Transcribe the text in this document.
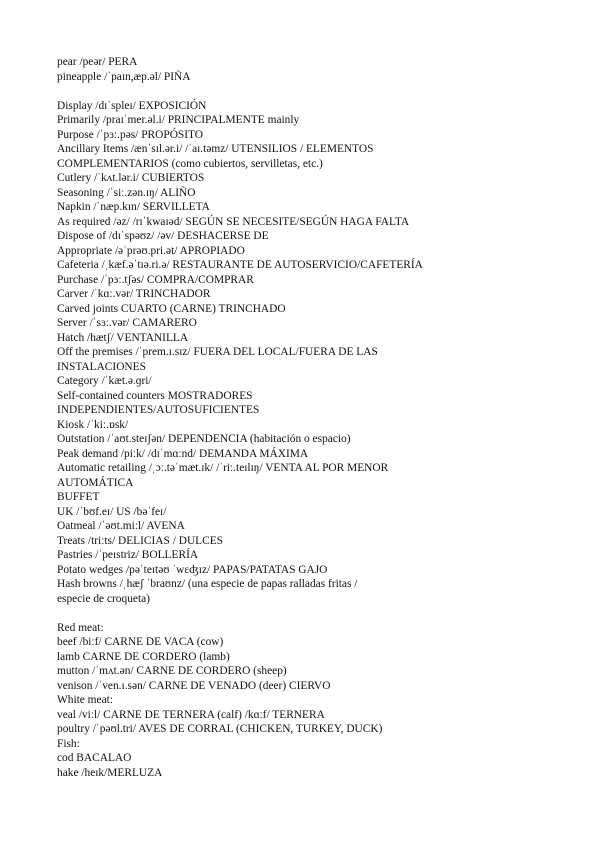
pear /peər/ PERA
pineapple /ˈpaɪn,æp.əl/ PIÑA
Display /dɪˈspleɪ/ EXPOSICIÓN
Primarily /praɪˈmer.əl.i/ PRINCIPALMENTE mainly
Purpose /ˈpɜː.pəs/ PROPÓSITO
Ancillary Items /ænˈsɪl.ər.i/ /ˈaɪ.təmz/ UTENSILIOS / ELEMENTOS
COMPLEMENTARIOS (como cubiertos, servilletas, etc.)
Cutlery /ˈkʌt.lər.i/ CUBIERTOS
Seasoning /ˈsiː.zən.ɪŋ/ ALIÑO
Napkin /ˈnæp.kɪn/ SERVILLETA
As required /əz/ /rɪˈkwaɪəd/ SEGÚN SE NECESITE/SEGÚN HAGA FALTA
Dispose of /dɪˈspəʊz/ /əv/ DESHACERSE DE
Appropriate /əˈprəʊ.pri.ət/ APROPIADO
Cafeteria /ˌkæf.əˈtɪə.ri.ə/ RESTAURANTE DE AUTOSERVICIO/CAFETERÍA
Purchase /ˈpɜː.tʃəs/ COMPRA/COMPRAR
Carver /ˈkɑː.vər/ TRINCHADOR
Carved joints CUARTO (CARNE) TRINCHADO
Server /ˈsɜː.vər/ CAMARERO
Hatch /hætʃ/ VENTANILLA
Off the premises /ˈprem.ɪ.sɪz/ FUERA DEL LOCAL/FUERA DE LAS
INSTALACIONES
Category /ˈkæt.ə.ɡri/
Self-contained counters MOSTRADORES
INDEPENDIENTES/AUTOSUFICIENTES
Kiosk /ˈkiː.ɒsk/
Outstation /ˈaʊt.steɪʃən/ DEPENDENCIA (habitación o espacio)
Peak demand /piːk/ /dɪˈmɑːnd/ DEMANDA MÁXIMA
Automatic retailing /ˌɔː.təˈmæt.ɪk/ /ˈriː.teɪlɪŋ/ VENTA AL POR MENOR
AUTOMÁTICA
BUFFET
UK /ˈbʊf.eɪ/ US /bəˈfeɪ/
Oatmeal /ˈəʊt.miːl/ AVENA
Treats /triːts/ DELICIAS / DULCES
Pastries /ˈpeɪstriz/ BOLLERÍA
Potato wedges /pəˈteɪtəʊ ˈwɛʤɪz/ PAPAS/PATATAS GAJO
Hash browns /ˌhæʃ ˈbraʊnz/ (una especie de papas ralladas fritas /
especie de croqueta)
Red meat:
beef /biːf/ CARNE DE VACA (cow)
lamb CARNE DE CORDERO (lamb)
mutton /ˈmʌt.ən/ CARNE DE CORDERO (sheep)
venison /ˈven.ɪ.sən/ CARNE DE VENADO (deer) CIERVO
White meat:
veal /viːl/ CARNE DE TERNERA (calf) /kɑːf/ TERNERA
poultry /ˈpəʊl.tri/ AVES DE CORRAL (CHICKEN, TURKEY, DUCK)
Fish:
cod BACALAO
hake /heɪk/MERLUZA
